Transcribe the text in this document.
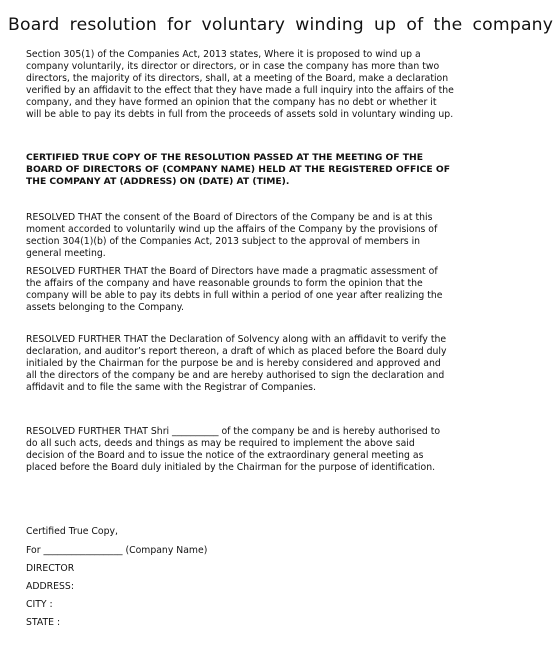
Board resolution for voluntary winding up of the company

Section 305(1) of the Companies Act, 2013 states, Where it is proposed to wind up a company voluntarily, its director or directors, or in case the company has more than two directors, the majority of its directors, shall, at a meeting of the Board, make a declaration verified by an affidavit to the effect that they have made a full inquiry into the affairs of the company, and they have formed an opinion that the company has no debt or whether it will be able to pay its debts in full from the proceeds of assets sold in voluntary winding up.

CERTIFIED TRUE COPY OF THE RESOLUTION PASSED AT THE MEETING OF THE BOARD OF DIRECTORS OF (COMPANY NAME) HELD AT THE REGISTERED OFFICE OF THE COMPANY AT (ADDRESS) ON (DATE) AT (TIME).

RESOLVED THAT the consent of the Board of Directors of the Company be and is at this moment accorded to voluntarily wind up the affairs of the Company by the provisions of section 304(1)(b) of the Companies Act, 2013 subject to the approval of members in general meeting.

RESOLVED FURTHER THAT the Board of Directors have made a pragmatic assessment of the affairs of the company and have reasonable grounds to form the opinion that the company will be able to pay its debts in full within a period of one year after realizing the assets belonging to the Company.

RESOLVED FURTHER THAT the Declaration of Solvency along with an affidavit to verify the declaration, and auditor’s report thereon, a draft of which as placed before the Board duly initialed by the Chairman for the purpose be and is hereby considered and approved and all the directors of the company be and are hereby authorised to sign the declaration and affidavit and to file the same with the Registrar of Companies.

RESOLVED FURTHER THAT Shri __________ of the company be and is hereby authorised to do all such acts, deeds and things as may be required to implement the above said decision of the Board and to issue the notice of the extraordinary general meeting as placed before the Board duly initialed by the Chairman for the purpose of identification.

Certified True Copy,

For _________________ (Company Name)

DIRECTOR

ADDRESS:

CITY :

STATE :
